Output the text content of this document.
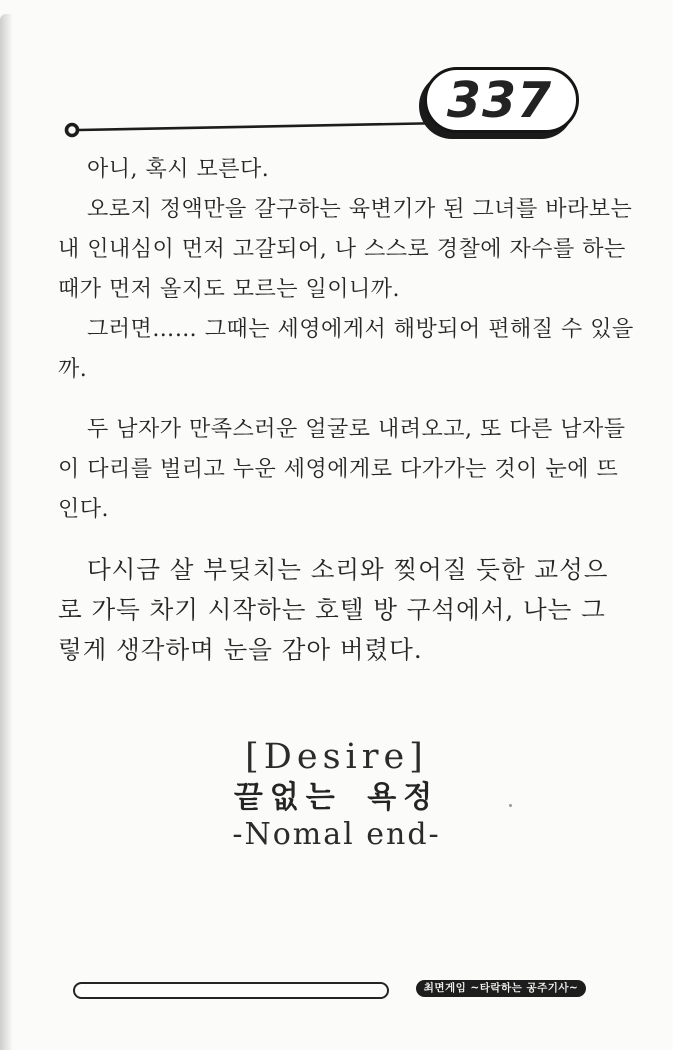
337
아니, 혹시 모른다.
오로지 정액만을 갈구하는 육변기가 된 그녀를 바라보는
내 인내심이 먼저 고갈되어, 나 스스로 경찰에 자수를 하는
때가 먼저 올지도 모르는 일이니까.
그러면…… 그때는 세영에게서 해방되어 편해질 수 있을
까.
두 남자가 만족스러운 얼굴로 내려오고, 또 다른 남자들
이 다리를 벌리고 누운 세영에게로 다가가는 것이 눈에 뜨
인다.
다시금 살 부딪치는 소리와 찢어질 듯한 교성으
로 가득 차기 시작하는 호텔 방 구석에서, 나는 그
렇게 생각하며 눈을 감아 버렸다.
[Desire]
끝없는 욕정
-Nomal end-
최면게임 ~타락하는 공주기사~
